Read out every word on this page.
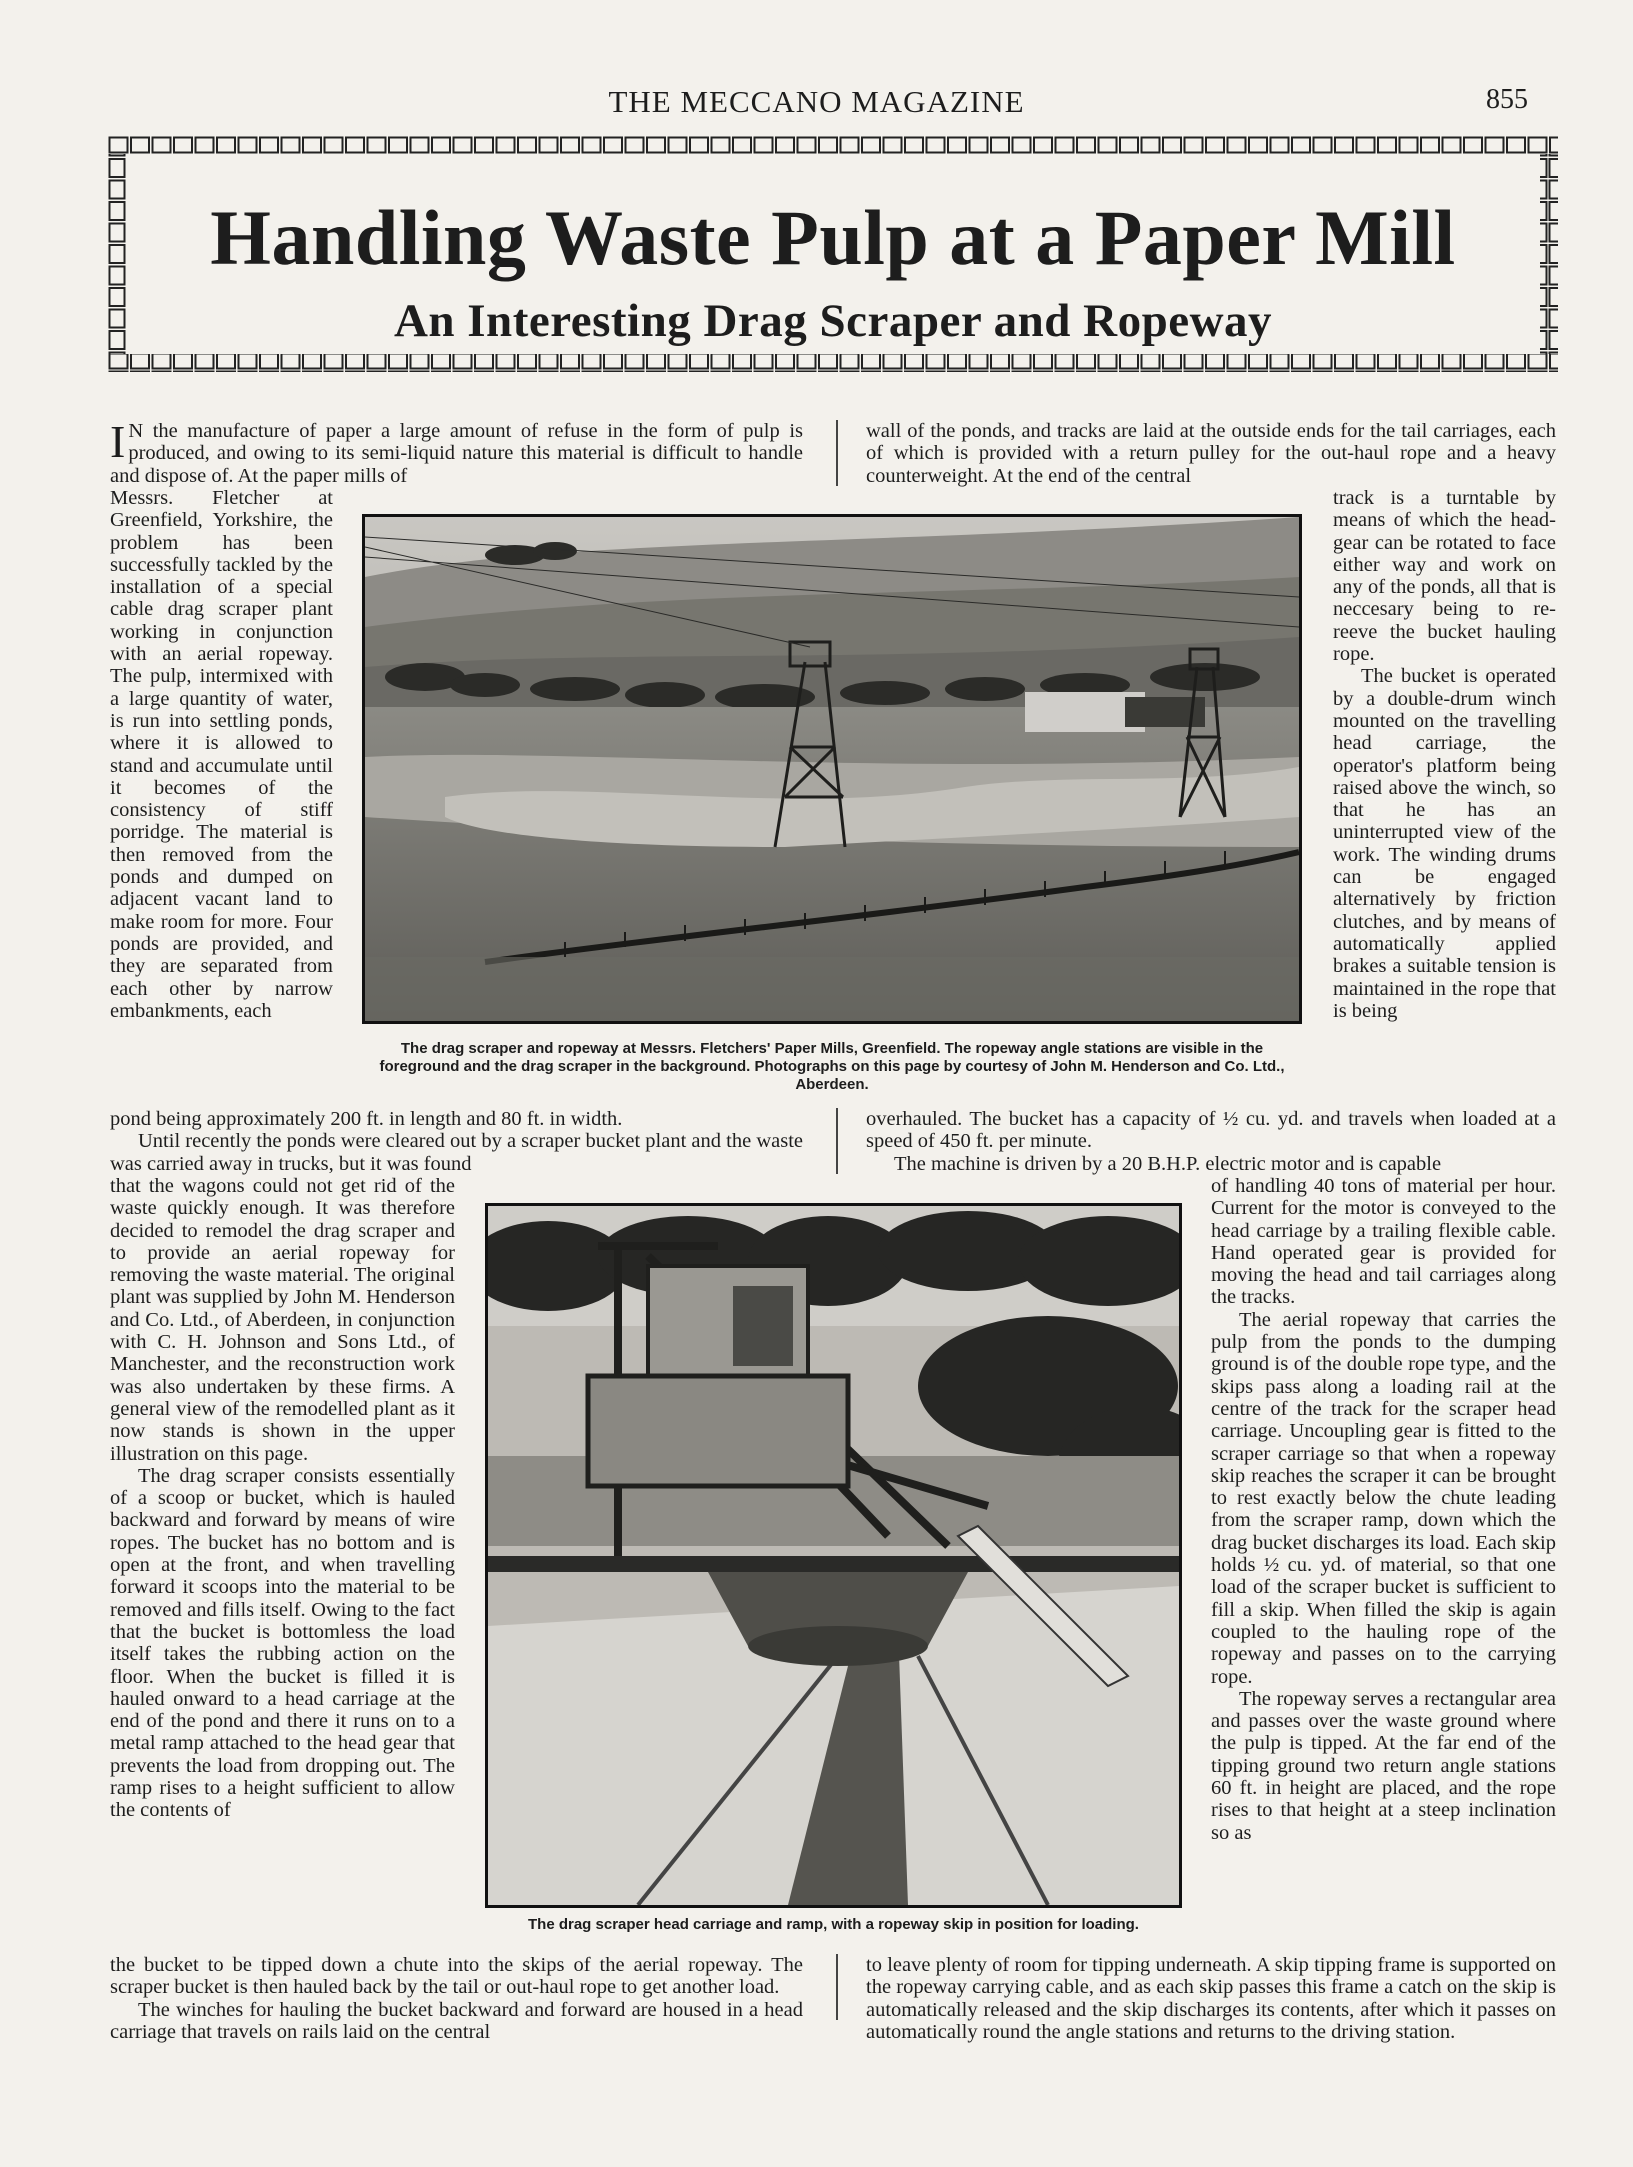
THE MECCANO MAGAZINE	855
Handling Waste Pulp at a Paper Mill
An Interesting Drag Scraper and Ropeway

I N the manufacture of paper a large amount of refuse in the form of pulp is produced, and owing to its semi-liquid nature this material is difficult to handle and dispose of. At the paper mills of

Messrs. Fletcher at Greenfield, Yorkshire, the problem has been successfully tackled by the installation of a special cable drag scraper plant working in conjunction with an aerial ropeway. The pulp, intermixed with a large quantity of water, is run into settling ponds, where it is allowed to stand and accumulate until it becomes of the consistency of stiff porridge. The material is then removed from the ponds and dumped on adjacent vacant land to make room for more. Four ponds are provided, and they are separated from each other by narrow embankments, each

pond being approximately 200 ft. in length and 80 ft. in width.

Until recently the ponds were cleared out by a scraper bucket plant and the waste was carried away in trucks, but it was found

that the wagons could not get rid of the waste quickly enough. It was therefore decided to remodel the drag scraper and to provide an aerial ropeway for removing the waste material. The original plant was supplied by John M. Henderson and Co. Ltd., of Aberdeen, in conjunction with C. H. Johnson and Sons Ltd., of Manchester, and the reconstruction work was also undertaken by these firms. A general view of the remodelled plant as it now stands is shown in the upper illustration on this page.

The drag scraper consists essentially of a scoop or bucket, which is hauled backward and forward by means of wire ropes. The bucket has no bottom and is open at the front, and when travelling forward it scoops into the material to be removed and fills itself. Owing to the fact that the bucket is bottomless the load itself takes the rubbing action on the floor. When the bucket is filled it is hauled onward to a head carriage at the end of the pond and there it runs on to a metal ramp attached to the head gear that prevents the load from dropping out. The ramp rises to a height sufficient to allow the contents of

the bucket to be tipped down a chute into the skips of the aerial ropeway. The scraper bucket is then hauled back by the tail or out-haul rope to get another load.

The winches for hauling the bucket backward and forward are housed in a head carriage that travels on rails laid on the central

wall of the ponds, and tracks are laid at the outside ends for the tail carriages, each of which is provided with a return pulley for the out-haul rope and a heavy counterweight. At the end of the central

track is a turntable by means of which the head-gear can be rotated to face either way and work on any of the ponds, all that is neccesary being to re-reeve the bucket hauling rope.

The bucket is operated by a double-drum winch mounted on the travelling head carriage, the operator's platform being raised above the winch, so that he has an uninterrupted view of the work. The winding drums can be engaged alternatively by friction clutches, and by means of automatically applied brakes a suitable tension is maintained in the rope that is being

overhauled. The bucket has a capacity of ½ cu. yd. and travels when loaded at a speed of 450 ft. per minute.

The machine is driven by a 20 B.H.P. electric motor and is capable

of handling 40 tons of material per hour. Current for the motor is conveyed to the head carriage by a trailing flexible cable. Hand operated gear is provided for moving the head and tail carriages along the tracks.

The aerial ropeway that carries the pulp from the ponds to the dumping ground is of the double rope type, and the skips pass along a loading rail at the centre of the track for the scraper head carriage. Uncoupling gear is fitted to the scraper carriage so that when a ropeway skip reaches the scraper it can be brought to rest exactly below the chute leading from the scraper ramp, down which the drag bucket discharges its load. Each skip holds ½ cu. yd. of material, so that one load of the scraper bucket is sufficient to fill a skip. When filled the skip is again coupled to the hauling rope of the ropeway and passes on to the carrying rope.

The ropeway serves a rectangular area and passes over the waste ground where the pulp is tipped. At the far end of the tipping ground two return angle stations 60 ft. in height are placed, and the rope rises to that height at a steep inclination so as

to leave plenty of room for tipping underneath. A skip tipping frame is supported on the ropeway carrying cable, and as each skip passes this frame a catch on the skip is automatically released and the skip discharges its contents, after which it passes on automatically round the angle stations and returns to the driving station.

The drag scraper and ropeway at Messrs. Fletchers' Paper Mills, Greenfield. The ropeway angle stations are visible in the foreground and the drag scraper in the background. Photographs on this page by courtesy of John M. Henderson and Co. Ltd., Aberdeen.
The drag scraper head carriage and ramp, with a ropeway skip in position for loading.
